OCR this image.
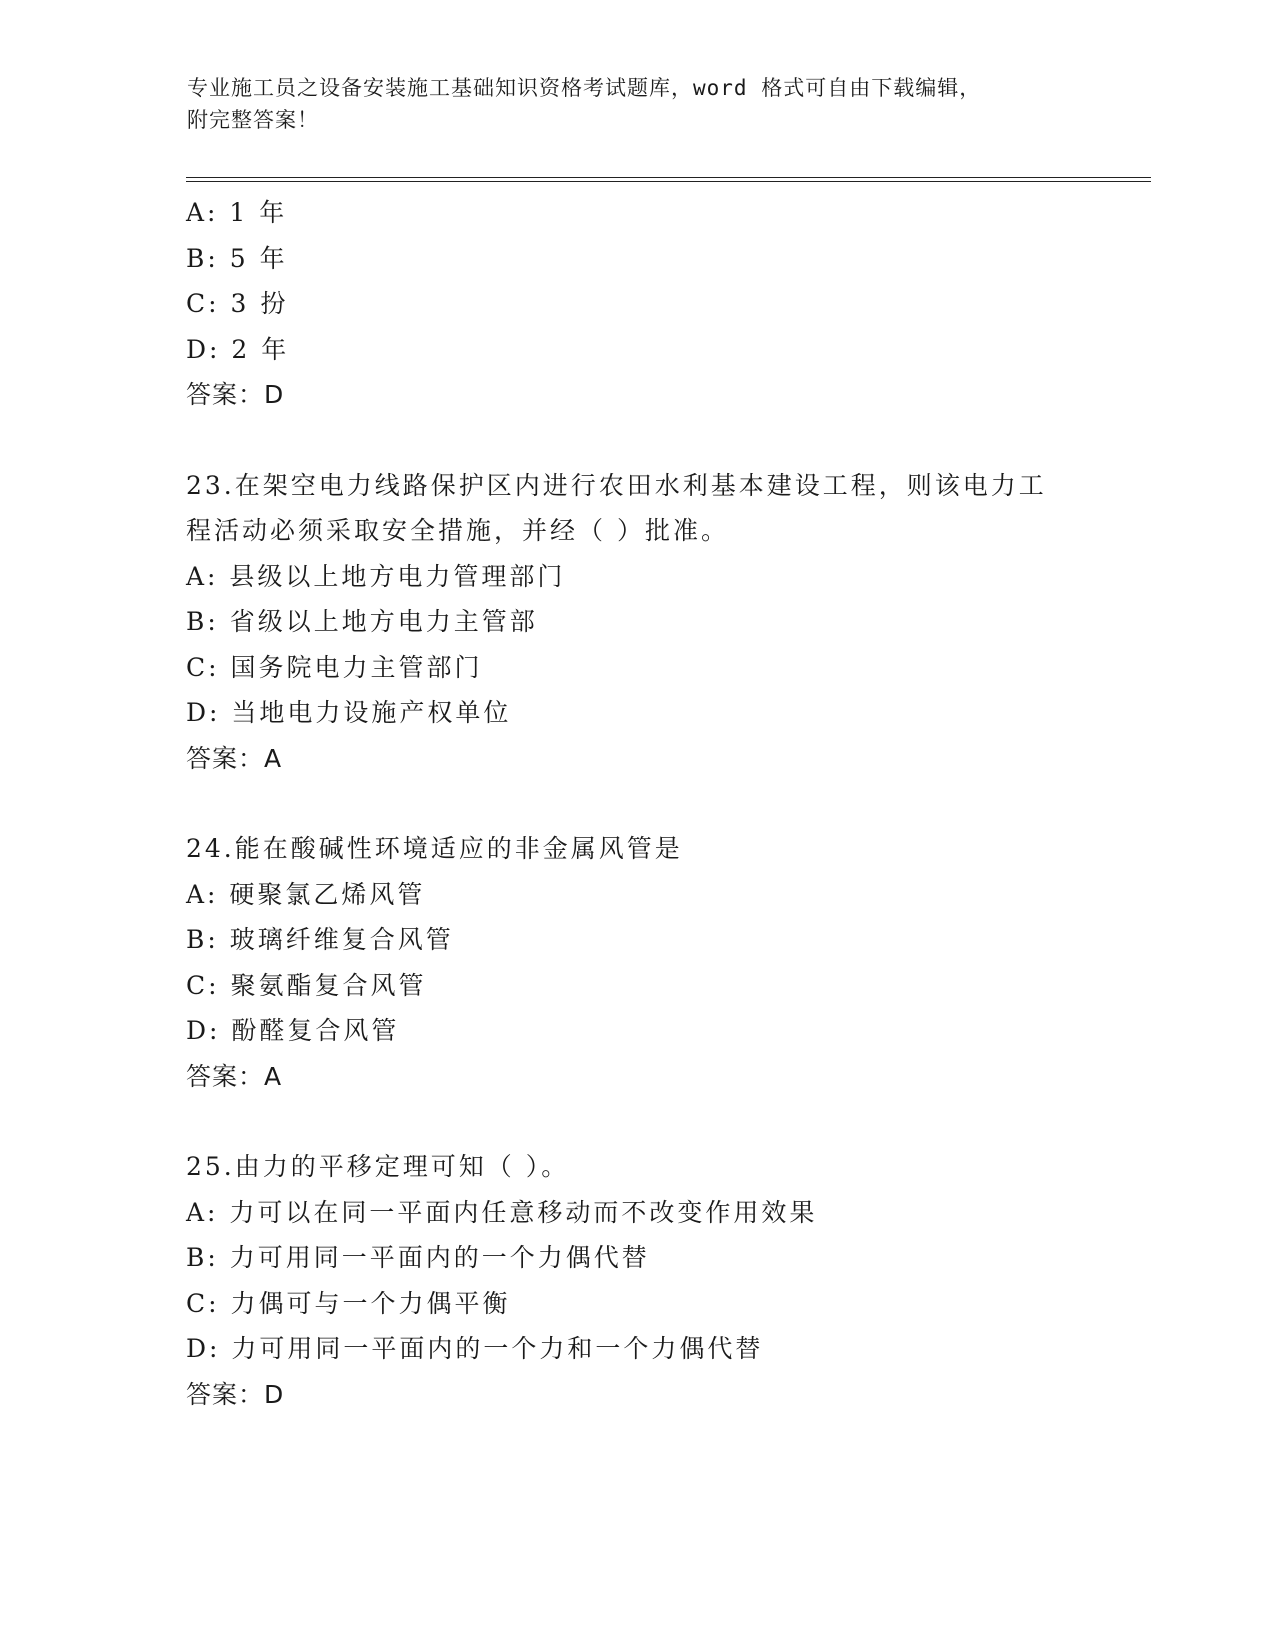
专业施工员之设备安装施工基础知识资格考试题库，word 格式可自由下载编辑，
附完整答案！
A: 1 年
B: 5 年
C: 3 扮
D: 2 年
答案：D
23.在架空电力线路保护区内进行农田水利基本建设工程，则该电力工
程活动必须采取安全措施，并经（ ）批准。
A: 县级以上地方电力管理部门
B: 省级以上地方电力主管部
C: 国务院电力主管部门
D: 当地电力设施产权单位
答案：A
24.能在酸碱性环境适应的非金属风管是
A: 硬聚氯乙烯风管
B: 玻璃纤维复合风管
C: 聚氨酯复合风管
D: 酚醛复合风管
答案：A
25.由力的平移定理可知（ ）。
A: 力可以在同一平面内任意移动而不改变作用效果
B: 力可用同一平面内的一个力偶代替
C: 力偶可与一个力偶平衡
D: 力可用同一平面内的一个力和一个力偶代替
答案：D
